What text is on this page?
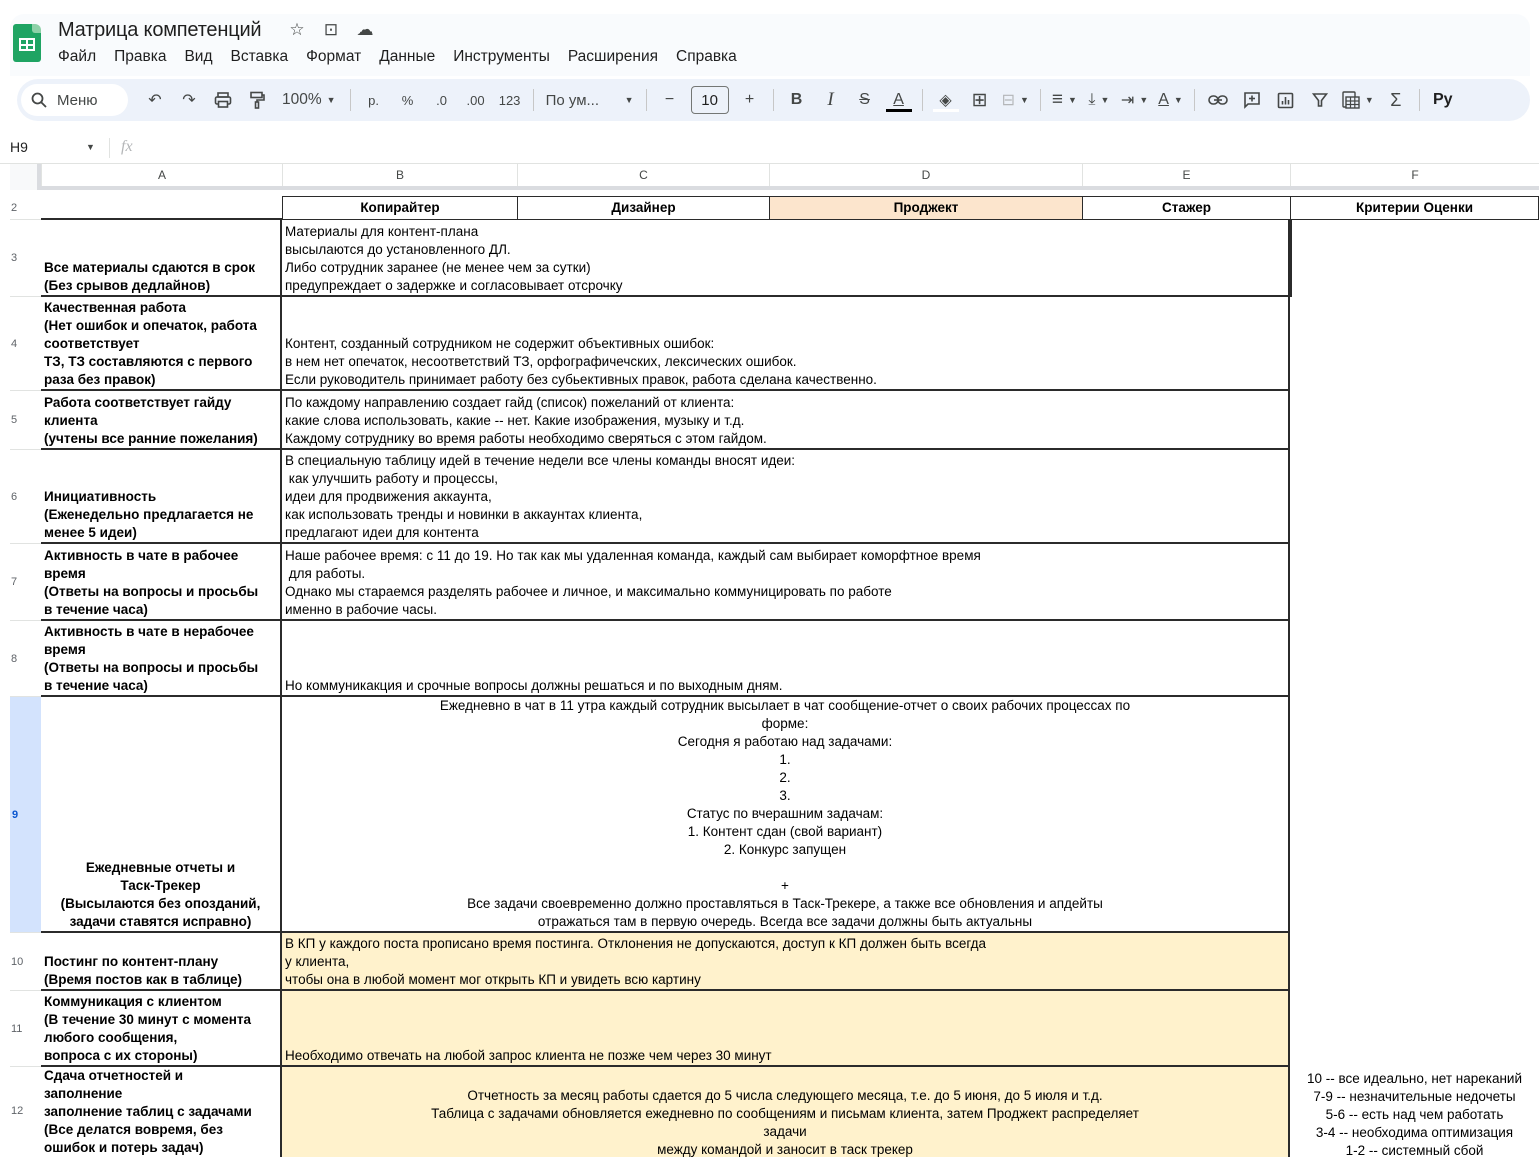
Матрица компетенций ☆ ⊡ ☁
Файл	Правка	Вид	Вставка	Формат	Данные	Инструменты	Расширения	Справка
Меню	↶ ↷	100% ▼	р. % .0 .00 123 По ум...	▼ −	10	+ B I S A ◈ ⊞ ⊟ ▼ ≡ ▼ ⤓ ▼ ⇥ ▼ A ▼	▼ Σ Ру
H9	▼ fx
A	B	C	D	E	F
2	Копирайтер	Дизайнер	Проджект	Стажер	Критерии Оценки
3
Все материалы сдаются в срок
(Без срывов дедлайнов)
Материалы для контент-плана
высылаются до установленного ДЛ.
Либо сотрудник заранее (не менее чем за сутки)
предупреждает о задержке и согласовывает отсрочку
4
Качественная работа
(Нет ошибок и опечаток, работа
соответствует
ТЗ, ТЗ составляются с первого
раза без правок)
Контент, созданный сотрудником не содержит объективных ошибок:
в нем нет опечаток, несоответствий ТЗ, орфографичечских, лексических ошибок.
Если руководитель принимает работу без субьективных правок, работа сделана качественно.
5
Работа соответствует гайду
клиента
(учтены все ранние пожелания)
По каждому направлению создает гайд (список) пожеланий от клиента:
какие слова использовать, какие -- нет. Какие изображения, музыку и т.д.
Каждому сотруднику во время работы необходимо сверяться с этом гайдом.
6	Инициативность
(Еженедельно предлагается не
менее 5 идеи)
В специальную таблицу идей в течение недели все члены команды вносят идеи:
как улучшить работу и процессы,
идеи для продвижения аккаунта,
как использовать тренды и новинки в аккаунтах клиента,
предлагают идеи для контента
7
Активность в чате в рабочее
время
(Ответы на вопросы и просьбы
в течение часа)
Наше рабочее время: с 11 до 19. Но так как мы удаленная команда, каждый сам выбирает коморфтное время
для работы.
Однако мы стараемся разделять рабочее и личное, и максимально коммуницировать по работе
именно в рабочие часы.
8
Активность в чате в нерабочее
время
(Ответы на вопросы и просьбы
в течение часа)	Но коммуникакция и срочные вопросы должны решаться и по выходным дням.
9
Ежедневные отчеты и
Таск-Трекер
(Высылаются без опозданий,
задачи ставятся исправно)
Ежедневно в чат в 11 утра каждый сотрудник высылает в чат сообщение-отчет о своих рабочих процессах по
форме:
Сегодня я работаю над задачами:
1.
2.
3.
Статус по вчерашним задачам:
1. Контент сдан (свой вариант)
2. Конкурс запущен

+
Все задачи своевременно должно проставляться в Таск-Трекере, а также все обновления и апдейты
отражаться там в первую очередь. Всегда все задачи должны быть актуальны
10	Постинг по контент-плану
(Время постов как в таблице)
В КП у каждого поста прописано время постинга. Отклонения не допускаются, доступ к КП должен быть всегда
у клиента,
чтобы она в любой момент мог открыть КП и увидеть всю картину
11
Коммуникация с клиентом
(В течение 30 минут с момента
любого сообщения,
вопроса с их стороны)	Необходимо отвечать на любой запрос клиента не позже чем через 30 минут
12
Сдача отчетностей и
заполнение
заполнение таблиц с задачами
(Все делатся вовремя, без
ошибок и потерь задач)
Отчетность за месяц работы сдается до 5 числа следующего месяца, т.е. до 5 июня, до 5 июля и т.д.
Таблица с задачами обновляется ежедневно по сообщениям и письмам клиента, затем Проджект распределяет
задачи
между командой и заносит в таск трекер
10 -- все идеально, нет нареканий
7-9 -- незначительные недочеты
5-6 -- есть над чем работать
3-4 -- необходима оптимизация
1-2 -- системный сбой
